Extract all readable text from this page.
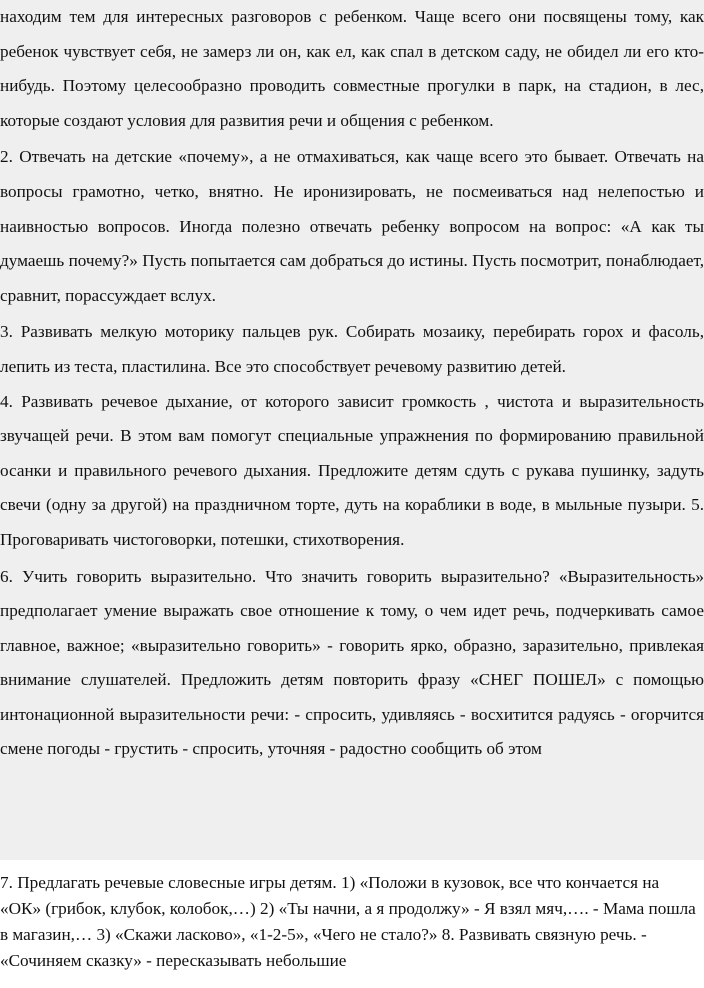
находим тем для интересных разговоров с ребенком. Чаще всего они посвящены тому, как ребенок чувствует себя, не замерз ли он, как ел, как спал в детском саду, не обидел ли его кто-нибудь. Поэтому целесообразно проводить совместные прогулки в парк, на стадион, в лес, которые создают условия для развития речи и общения с ребенком.

2. Отвечать на детские «почему», а не отмахиваться, как чаще всего это бывает. Отвечать на вопросы грамотно, четко, внятно. Не иронизировать, не посмеиваться над нелепостью и наивностью вопросов. Иногда полезно отвечать ребенку вопросом на вопрос: «А как ты думаешь почему?» Пусть попытается сам добраться до истины. Пусть посмотрит, понаблюдает, сравнит, порассуждает вслух.

3. Развивать мелкую моторику пальцев рук. Собирать мозаику, перебирать горох и фасоль, лепить из теста, пластилина. Все это способствует речевому развитию детей.

4. Развивать речевое дыхание, от которого зависит громкость , чистота и выразительность звучащей речи. В этом вам помогут специальные упражнения по формированию правильной осанки и правильного речевого дыхания. Предложите детям сдуть с рукава пушинку, задуть свечи (одну за другой) на праздничном торте, дуть на кораблики в воде, в мыльные пузыри. 5. Проговаривать чистоговорки, потешки, стихотворения.

6. Учить говорить выразительно. Что значить говорить выразительно? «Выразительность» предполагает умение выражать свое отношение к тому, о чем идет речь, подчеркивать самое главное, важное; «выразительно говорить» - говорить ярко, образно, заразительно, привлекая внимание слушателей. Предложить детям повторить фразу «СНЕГ ПОШЕЛ» с помощью интонационной выразительности речи: - спросить, удивляясь - восхитится радуясь - огорчится смене погоды - грустить - спросить, уточняя - радостно сообщить об этом

7. Предлагать речевые словесные игры детям. 1) «Положи в кузовок, все что кончается на «ОК» (грибок, клубок, колобок,…) 2) «Ты начни, а я продолжу» - Я взял мяч,…. - Мама пошла в магазин,… 3) «Скажи ласково», «1-2-5», «Чего не стало?» 8. Развивать связную речь. - «Сочиняем сказку» - пересказывать небольшие
